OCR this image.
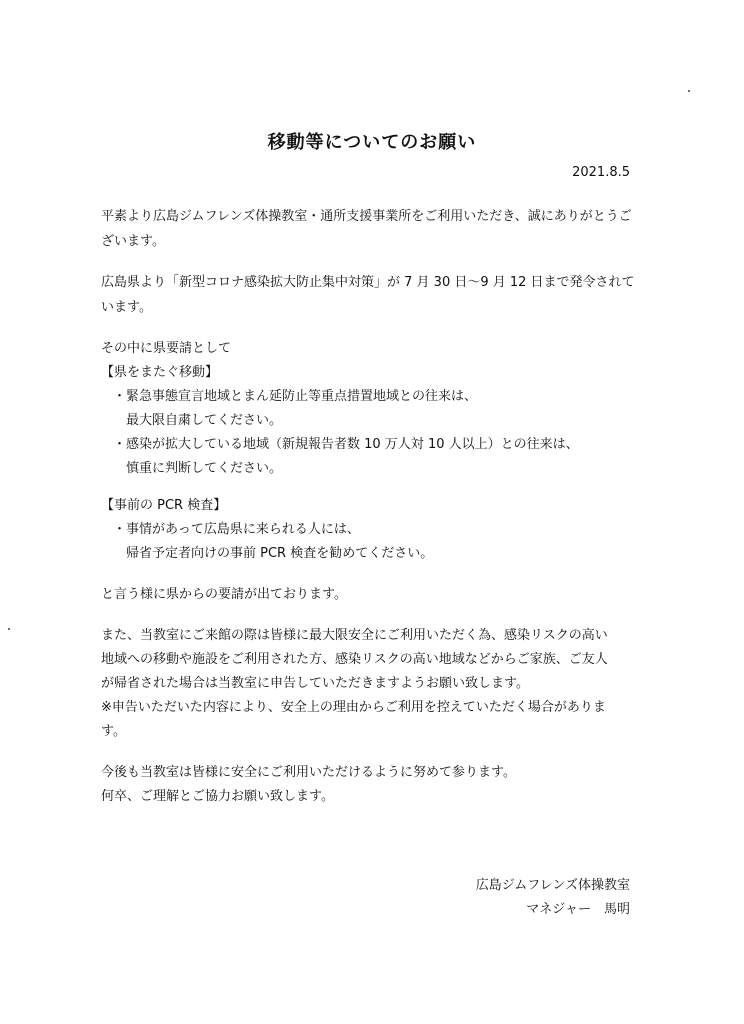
移動等についてのお願い
2021.8.5
平素より広島ジムフレンズ体操教室・通所支援事業所をご利用いただき、誠にありがとうご
ざいます。
広島県より「新型コロナ感染拡大防止集中対策」が 7 月 30 日～9 月 12 日まで発令されて
います。
その中に県要請として
【県をまたぐ移動】
・緊急事態宣言地域とまん延防止等重点措置地域との往来は、
最大限自粛してください。
・感染が拡大している地域（新規報告者数 10 万人対 10 人以上）との往来は、
慎重に判断してください。
【事前の PCR 検査】
・事情があって広島県に来られる人には、
帰省予定者向けの事前 PCR 検査を勧めてください。
と言う様に県からの要請が出ております。
また、当教室にご来館の際は皆様に最大限安全にご利用いただく為、感染リスクの高い
地域への移動や施設をご利用された方、感染リスクの高い地域などからご家族、ご友人
が帰省された場合は当教室に申告していただきますようお願い致します。
※申告いただいた内容により、安全上の理由からご利用を控えていただく場合がありま
す。
今後も当教室は皆様に安全にご利用いただけるように努めて参ります。
何卒、ご理解とご協力お願い致します。
広島ジムフレンズ体操教室
マネジャー　馬明
